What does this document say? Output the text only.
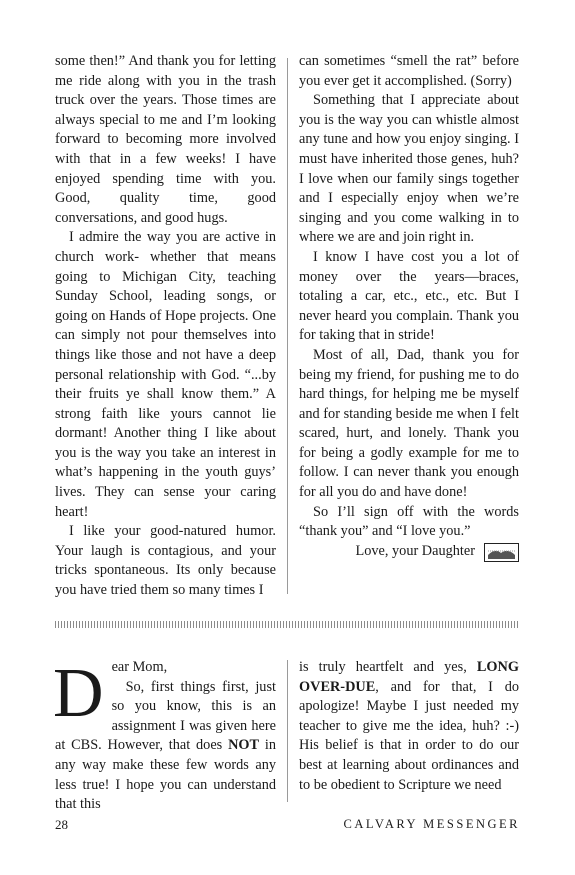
some then!” And thank you for letting me ride along with you in the trash truck over the years. Those times are always special to me and I’m looking forward to becoming more involved with that in a few weeks! I have enjoyed spending time with you. Good, quality time, good conversations, and good hugs.

I admire the way you are active in church work- whether that means going to Michigan City, teaching Sunday School, leading songs, or going on Hands of Hope projects. One can simply not pour themselves into things like those and not have a deep personal relationship with God. “...by their fruits ye shall know them.” A strong faith like yours cannot lie dormant! Another thing I like about you is the way you take an interest in what’s happening in the youth guys’ lives. They can sense your caring heart!

I like your good-natured humor. Your laugh is contagious, and your tricks spontaneous. Its only because you have tried them so many times I

can sometimes “smell the rat” before you ever get it accomplished. (Sorry)

Something that I appreciate about you is the way you can whistle almost any tune and how you enjoy singing. I must have inherited those genes, huh? I love when our family sings together and I especially enjoy when we’re singing and you come walking in to where we are and join right in.

I know I have cost you a lot of money over the years—braces, totaling a car, etc., etc., etc. But I never heard you complain. Thank you for taking that in stride!

Most of all, Dad, thank you for being my friend, for pushing me to do hard things, for helping me be myself and for standing beside me when I felt scared, hurt, and lonely. Thank you for being a godly example for me to follow. I can never thank you enough for all you do and have done!

So I’ll sign off with the words “thank you” and “I love you.”

Love, your Daughter

D ear Mom,
So, first things first, just so you know, this is an assignment I was given here at CBS. However, that does NOT in any way make these few words any less true! I hope you can understand that this

is truly heartfelt and yes, LONG OVER-DUE, and for that, I do apologize! Maybe I just needed my teacher to give me the idea, huh? :-) His belief is that in order to do our best at learning about ordinances and to be obedient to Scripture we need

28	CALVARY MESSENGER
